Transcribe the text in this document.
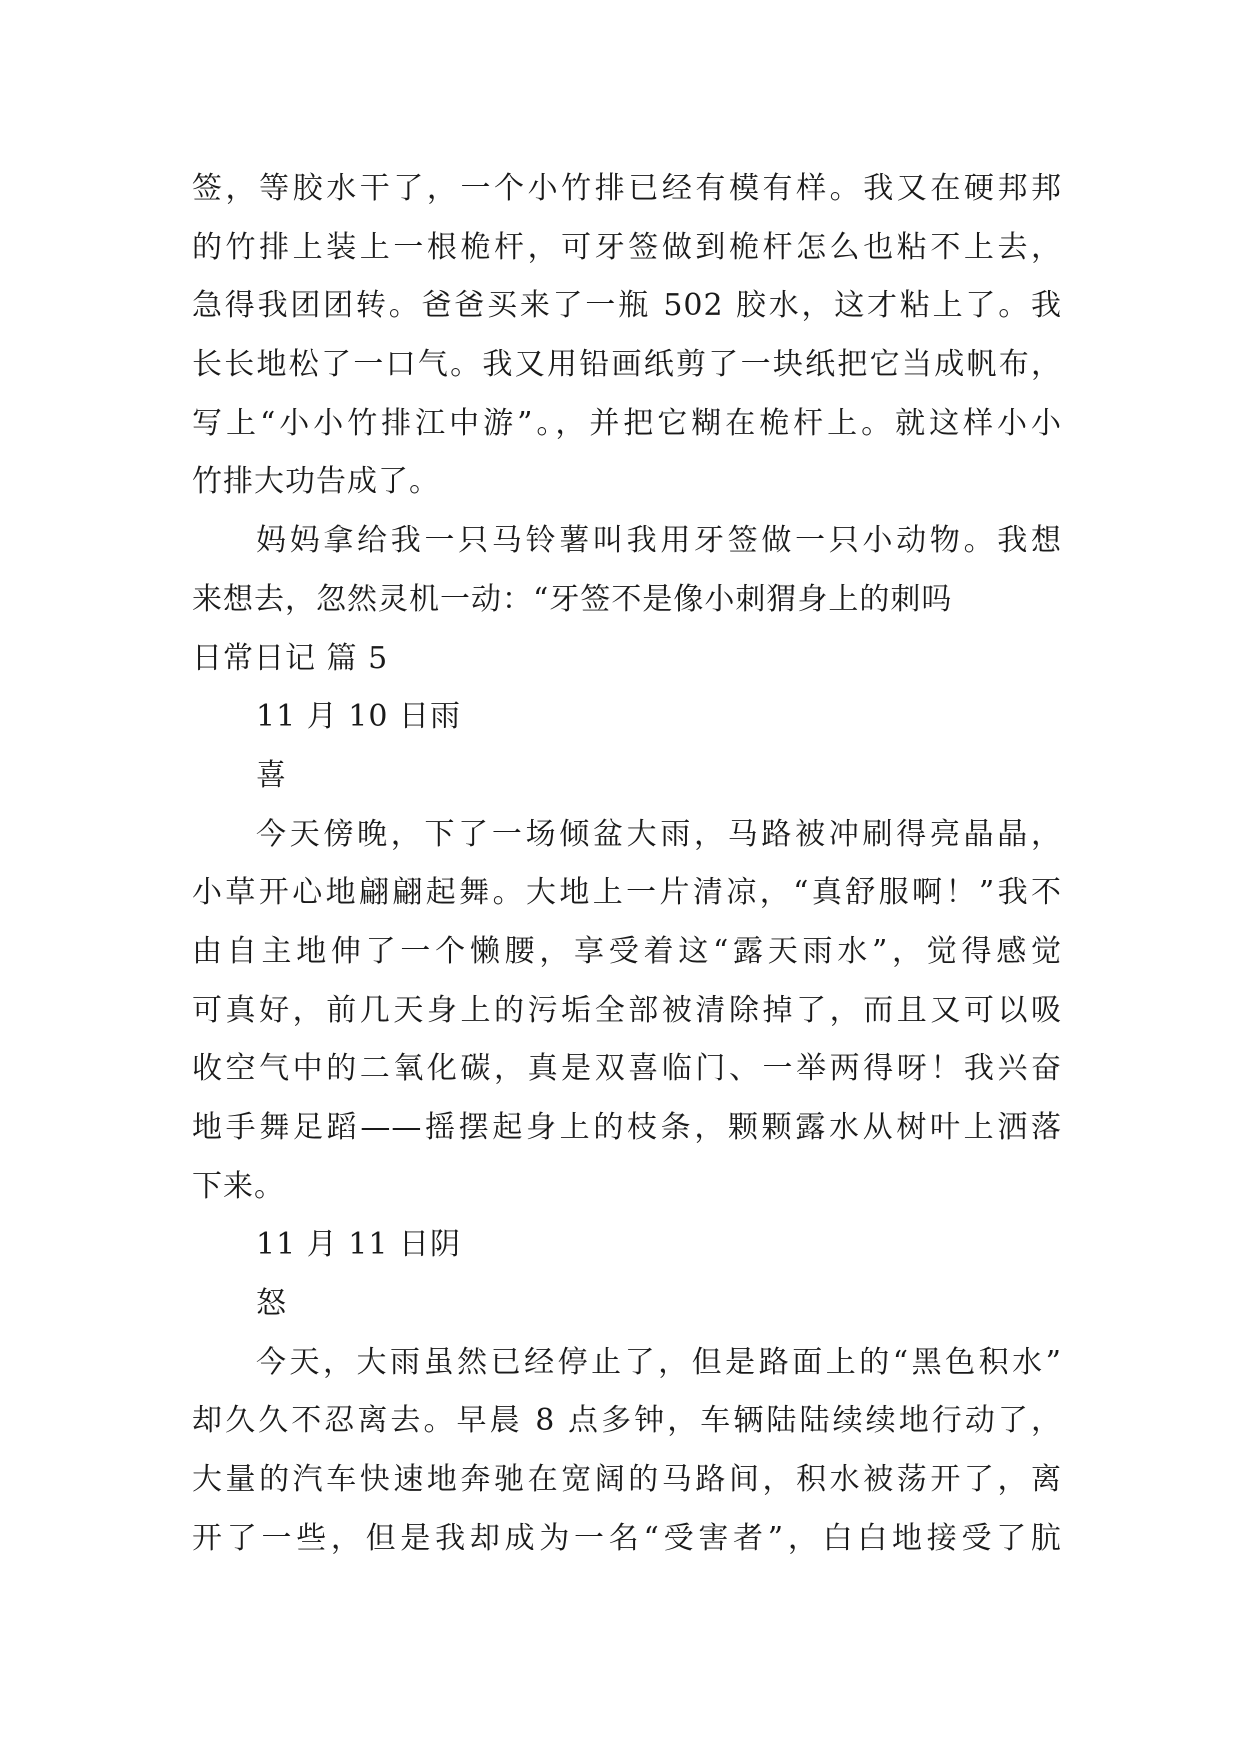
签，等胶水干了，一个小竹排已经有模有样。我又在硬邦邦
的竹排上装上一根桅杆，可牙签做到桅杆怎么也粘不上去，
急得我团团转。爸爸买来了一瓶 502 胶水，这才粘上了。我
长长地松了一口气。我又用铅画纸剪了一块纸把它当成帆布，
写上“小小竹排江中游”。，并把它糊在桅杆上。就这样小小
竹排大功告成了。
妈妈拿给我一只马铃薯叫我用牙签做一只小动物。我想
来想去，忽然灵机一动：“牙签不是像小刺猬身上的刺吗
日常日记 篇 5
11 月 10 日雨
喜
今天傍晚，下了一场倾盆大雨，马路被冲刷得亮晶晶，
小草开心地翩翩起舞。大地上一片清凉，“真舒服啊！”我不
由自主地伸了一个懒腰，享受着这“露天雨水”，觉得感觉
可真好，前几天身上的污垢全部被清除掉了，而且又可以吸
收空气中的二氧化碳，真是双喜临门、一举两得呀！我兴奋
地手舞足蹈——摇摆起身上的枝条，颗颗露水从树叶上洒落
下来。
11 月 11 日阴
怒
今天，大雨虽然已经停止了，但是路面上的“黑色积水”
却久久不忍离去。早晨 8 点多钟，车辆陆陆续续地行动了，
大量的汽车快速地奔驰在宽阔的马路间，积水被荡开了，离
开了一些，但是我却成为一名“受害者”，白白地接受了肮
